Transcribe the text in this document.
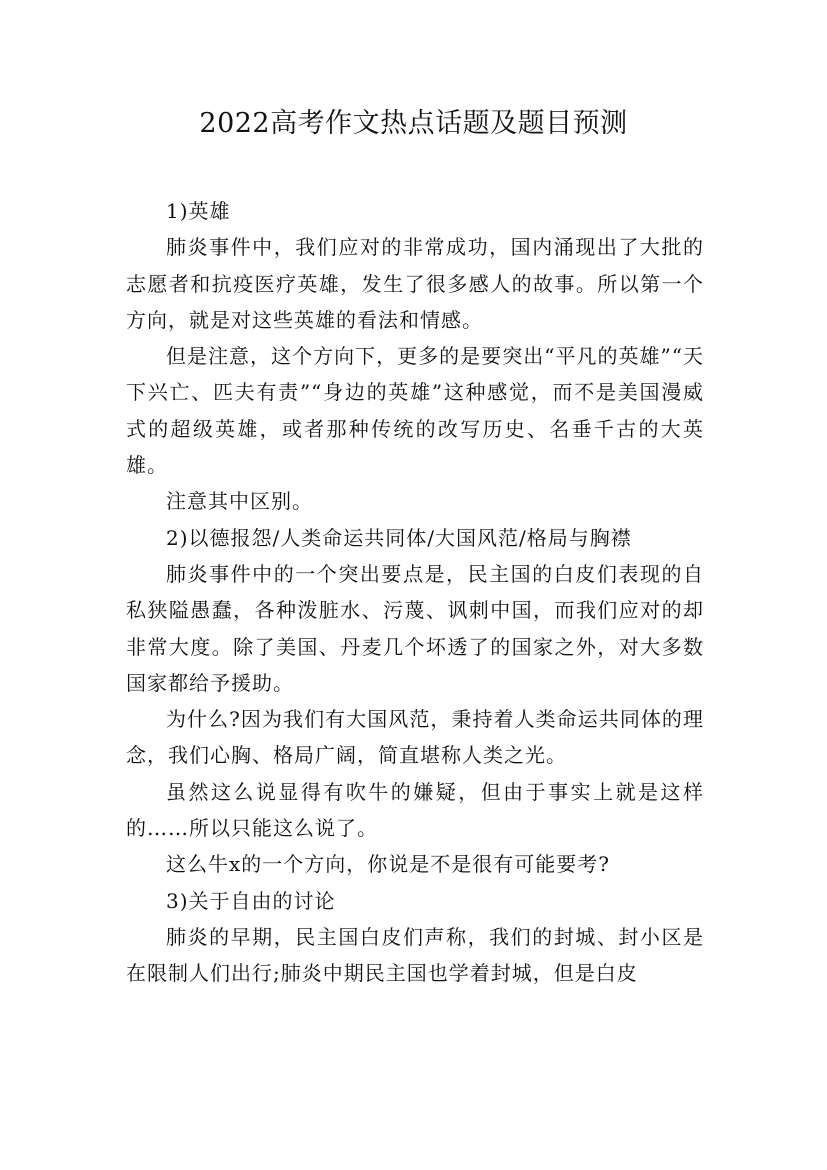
2022高考作文热点话题及题目预测

1)英雄

肺炎事件中，我们应对的非常成功，国内涌现出了大批的志愿者和抗疫医疗英雄，发生了很多感人的故事。所以第一个方向，就是对这些英雄的看法和情感。

但是注意，这个方向下，更多的是要突出“平凡的英雄”“天下兴亡、匹夫有责”“身边的英雄”这种感觉，而不是美国漫威式的超级英雄，或者那种传统的改写历史、名垂千古的大英雄。

注意其中区别。

2)以德报怨/人类命运共同体/大国风范/格局与胸襟

肺炎事件中的一个突出要点是，民主国的白皮们表现的自私狭隘愚蠢，各种泼脏水、污蔑、讽刺中国，而我们应对的却非常大度。除了美国、丹麦几个坏透了的国家之外，对大多数国家都给予援助。

为什么?因为我们有大国风范，秉持着人类命运共同体的理念，我们心胸、格局广阔，简直堪称人类之光。

虽然这么说显得有吹牛的嫌疑，但由于事实上就是这样的……所以只能这么说了。

这么牛x的一个方向，你说是不是很有可能要考?

3)关于自由的讨论

肺炎的早期，民主国白皮们声称，我们的封城、封小区是在限制人们出行;肺炎中期民主国也学着封城，但是白皮
